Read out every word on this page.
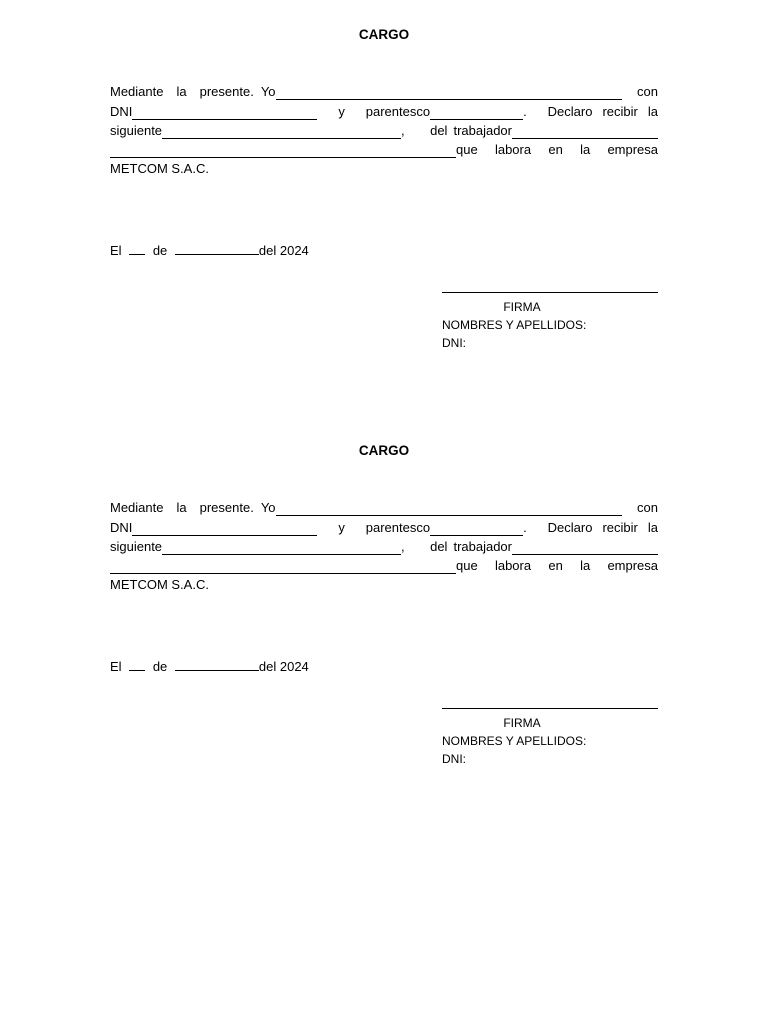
CARGO
Mediante la presente. Yo	con
DNI	y parentesco	. Declaro recibir la
siguiente	, del trabajador
que labora en la empresa
METCOM S.A.C.
El de	del 2024
FIRMA
NOMBRES Y APELLIDOS:
DNI:
CARGO
Mediante la presente. Yo	con
DNI	y parentesco	. Declaro recibir la
siguiente	, del trabajador
que labora en la empresa
METCOM S.A.C.
El de	del 2024
FIRMA
NOMBRES Y APELLIDOS:
DNI:
